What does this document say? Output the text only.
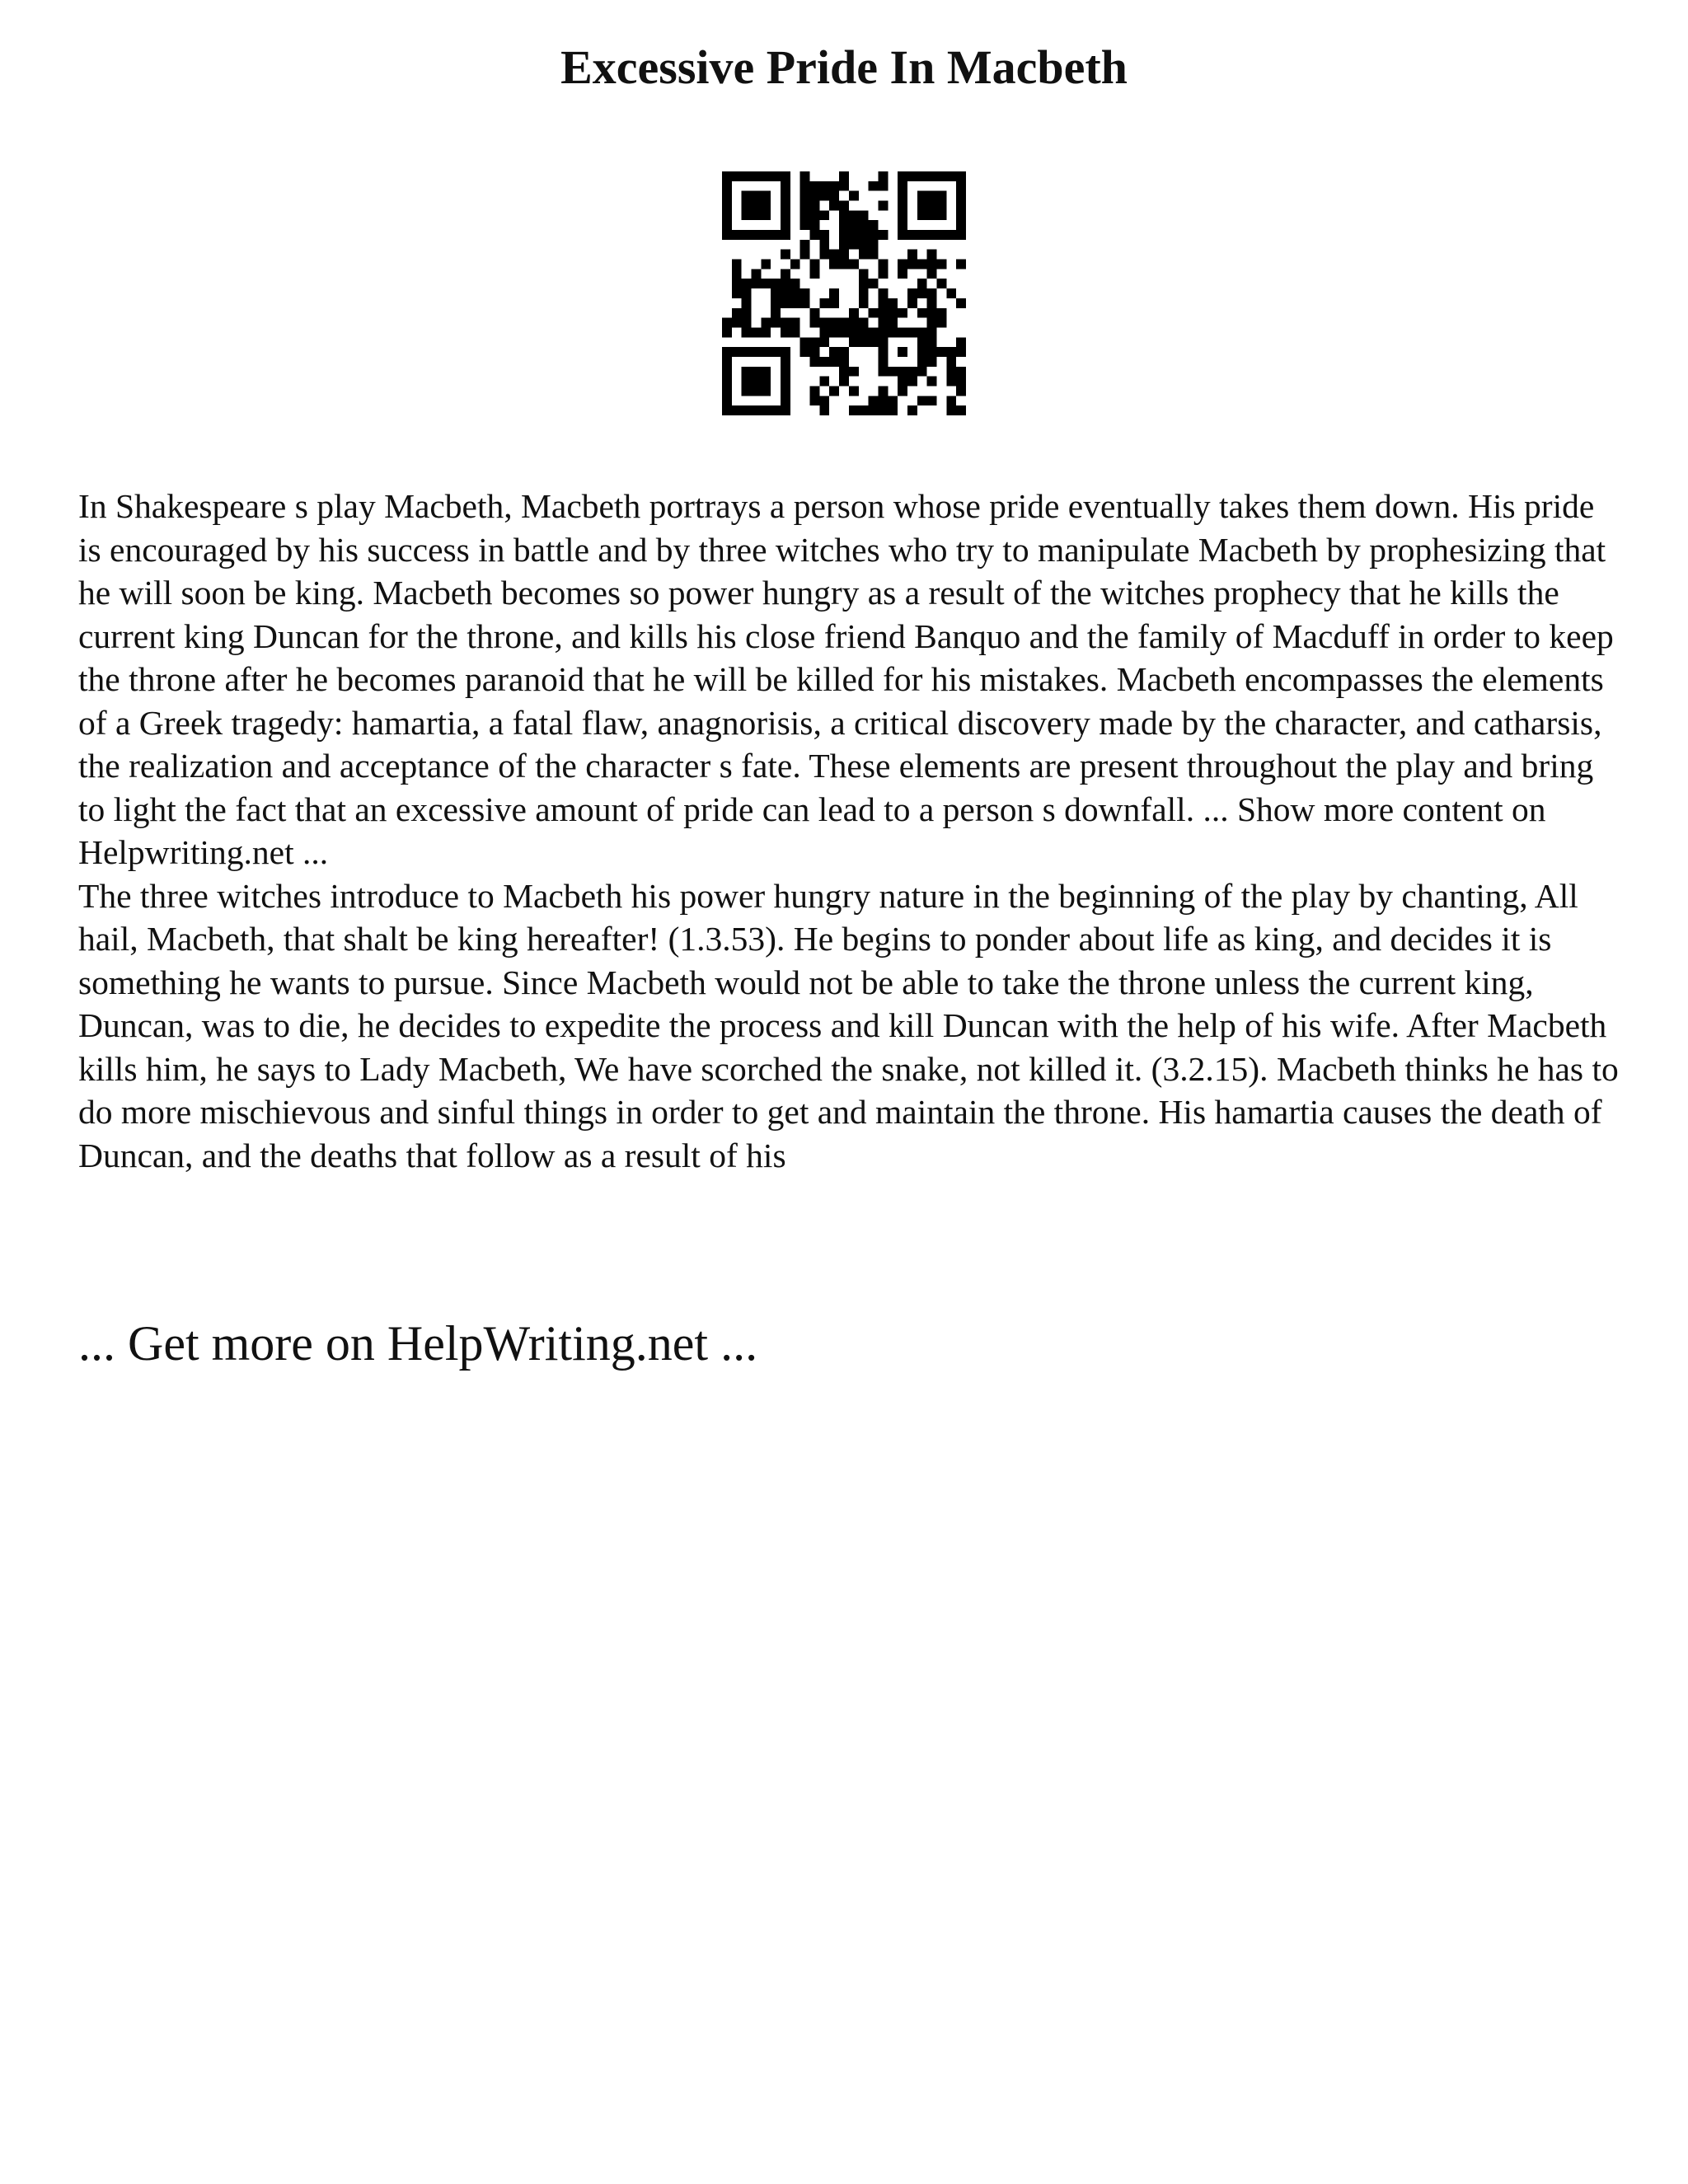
Excessive Pride In Macbeth

In Shakespeare s play Macbeth, Macbeth portrays a person whose pride eventually takes them down. His pride is encouraged by his success in battle and by three witches who try to manipulate Macbeth by prophesizing that he will soon be king. Macbeth becomes so power hungry as a result of the witches prophecy that he kills the current king Duncan for the throne, and kills his close friend Banquo and the family of Macduff in order to keep the throne after he becomes paranoid that he will be killed for his mistakes. Macbeth encompasses the elements of a Greek tragedy: hamartia, a fatal flaw, anagnorisis, a critical discovery made by the character, and catharsis, the realization and acceptance of the character s fate. These elements are present throughout the play and bring to light the fact that an excessive amount of pride can lead to a person s downfall. ... Show more content on Helpwriting.net ...

The three witches introduce to Macbeth his power hungry nature in the beginning of the play by chanting, All hail, Macbeth, that shalt be king hereafter! (1.3.53). He begins to ponder about life as king, and decides it is something he wants to pursue. Since Macbeth would not be able to take the throne unless the current king, Duncan, was to die, he decides to expedite the process and kill Duncan with the help of his wife. After Macbeth kills him, he says to Lady Macbeth, We have scorched the snake, not killed it. (3.2.15). Macbeth thinks he has to do more mischievous and sinful things in order to get and maintain the throne. His hamartia causes the death of Duncan, and the deaths that follow as a result of his

... Get more on HelpWriting.net ...
